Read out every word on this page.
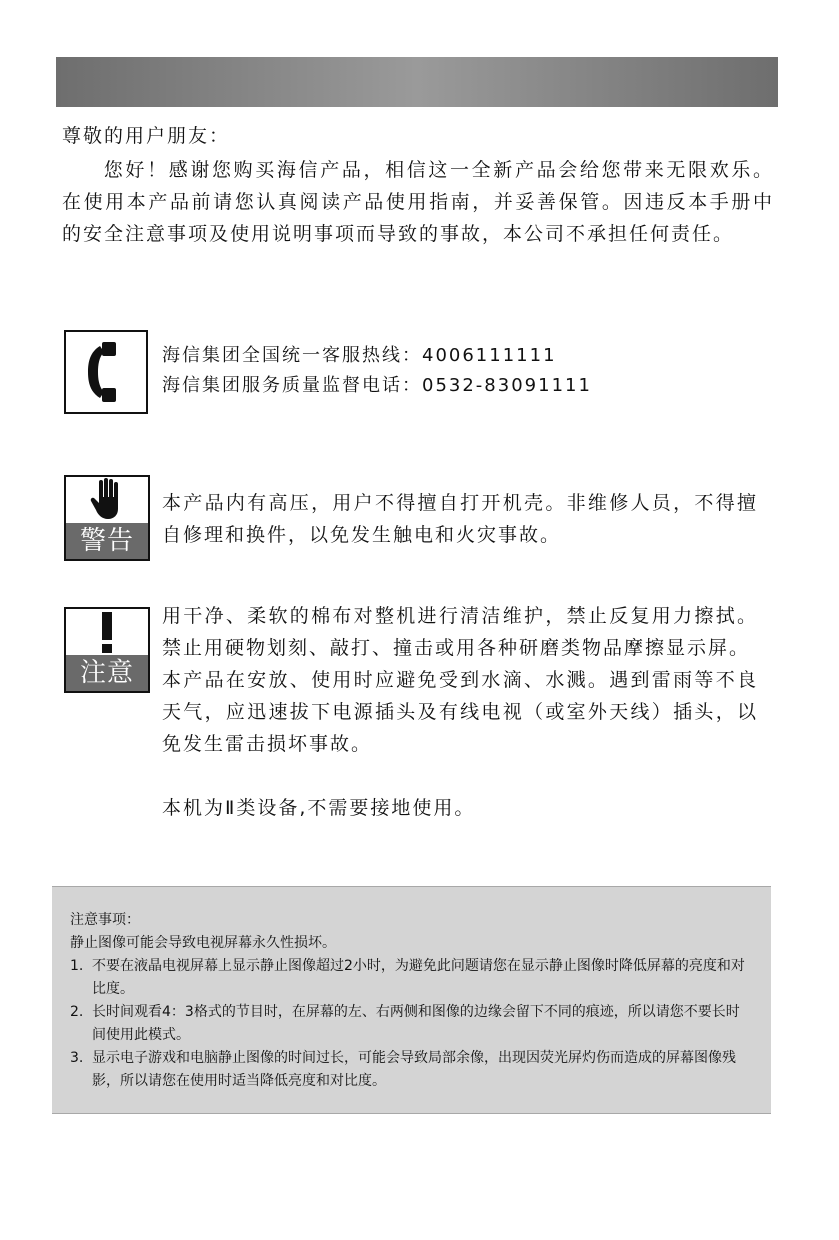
尊敬的用户朋友：

您好！感谢您购买海信产品，相信这一全新产品会给您带来无限欢乐。在使用本产品前请您认真阅读产品使用指南，并妥善保管。因违反本手册中的安全注意事项及使用说明事项而导致的事故，本公司不承担任何责任。

海信集团全国统一客服热线：4006111111
海信集团服务质量监督电话：0532-83091111
警告

本产品内有高压，用户不得擅自打开机壳。非维修人员，不得擅自修理和换件，以免发生触电和火灾事故。

注意

用干净、柔软的棉布对整机进行清洁维护，禁止反复用力擦拭。禁止用硬物划刻、敲打、撞击或用各种研磨类物品摩擦显示屏。

本产品在安放、使用时应避免受到水滴、水溅。遇到雷雨等不良天气，应迅速拔下电源插头及有线电视（或室外天线）插头，以免发生雷击损坏事故。

本机为Ⅱ类设备,不需要接地使用。

注意事项：
静止图像可能会导致电视屏幕永久性损坏。
1. 不要在液晶电视屏幕上显示静止图像超过2小时，为避免此问题请您在显示静止图像时降低屏幕的亮度和对比度。
2. 长时间观看4：3格式的节目时，在屏幕的左、右两侧和图像的边缘会留下不同的痕迹，所以请您不要长时间使用此模式。
3. 显示电子游戏和电脑静止图像的时间过长，可能会导致局部余像，出现因荧光屏灼伤而造成的屏幕图像残影，所以请您在使用时适当降低亮度和对比度。
